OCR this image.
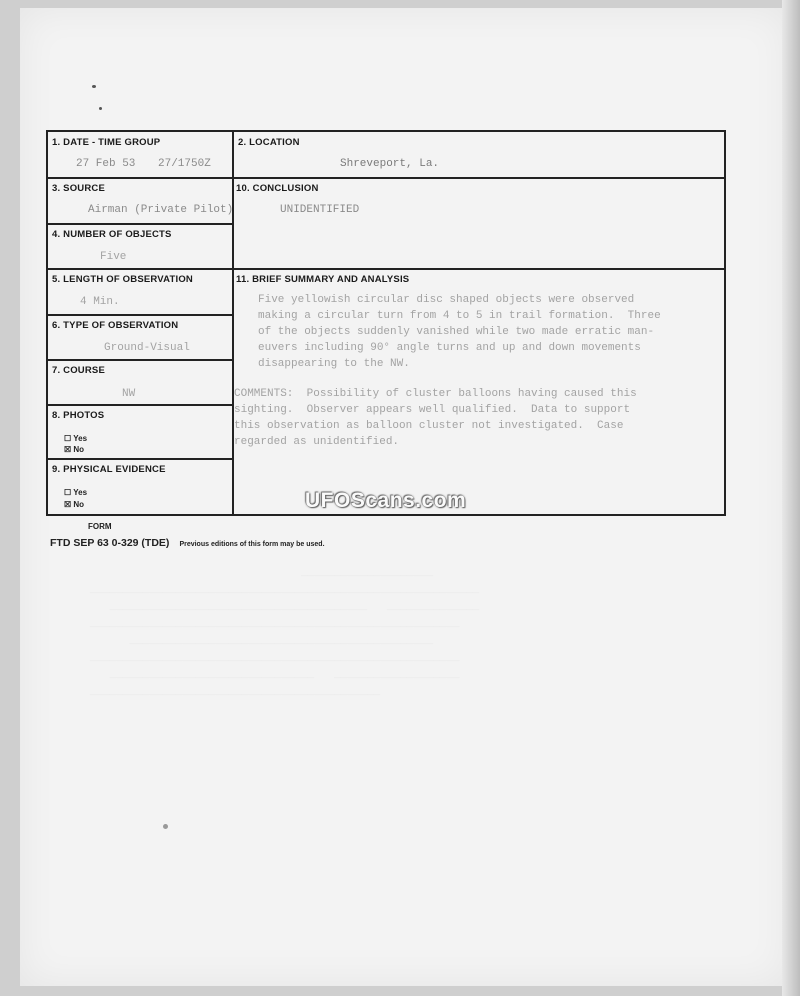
____________________
___________________________________________________________
_______________________________________   ______________
________________________________________________________
______________________________________________
________________________________________________________
_______________________________   ___________________
____________________________________________
1. DATE - TIME GROUP
27 Feb 53 27/1750Z
2. LOCATION
Shreveport, La.
3. SOURCE
Airman (Private Pilot)
10. CONCLUSION
UNIDENTIFIED
4. NUMBER OF OBJECTS
Five
5. LENGTH OF OBSERVATION
4 Min.
11. BRIEF SUMMARY AND ANALYSIS
Five yellowish circular disc shaped objects were observed
making a circular turn from 4 to 5 in trail formation.  Three
of the objects suddenly vanished while two made erratic man-
euvers including 90° angle turns and up and down movements
disappearing to the NW.
COMMENTS:  Possibility of cluster balloons having caused this
sighting.  Observer appears well qualified.  Data to support
this observation as balloon cluster not investigated.  Case
regarded as unidentified.
6. TYPE OF OBSERVATION
Ground-Visual
7. COURSE
NW
8. PHOTOS
☐ Yes
☒ No
9. PHYSICAL EVIDENCE
☐ Yes
☒ No
FORM
FTD SEP 63 0-329 (TDE) Previous editions of this form may be used.
UFOScans.com
